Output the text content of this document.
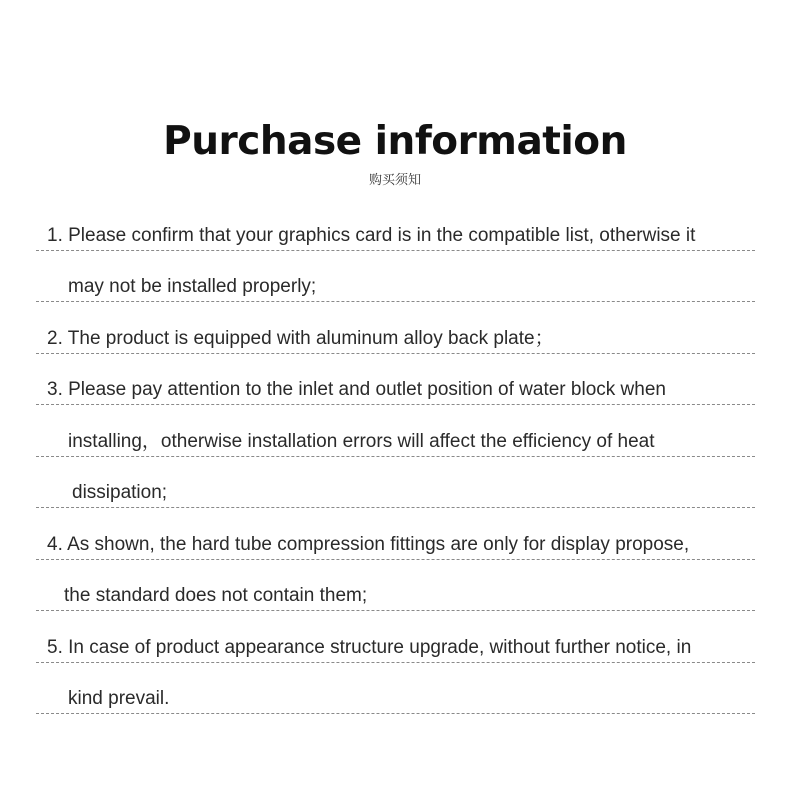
Purchase information
购买须知
1. Please confirm that your graphics card is in the compatible list, otherwise it
may not be installed properly;
2. The product is equipped with aluminum alloy back plate；
3. Please pay attention to the inlet and outlet position of water block when
installing，otherwise installation errors will affect the efficiency of heat
dissipation;
4. As shown, the hard tube compression fittings are only for display propose,
the standard does not contain them;
5. In case of product appearance structure upgrade, without further notice, in
kind prevail.
